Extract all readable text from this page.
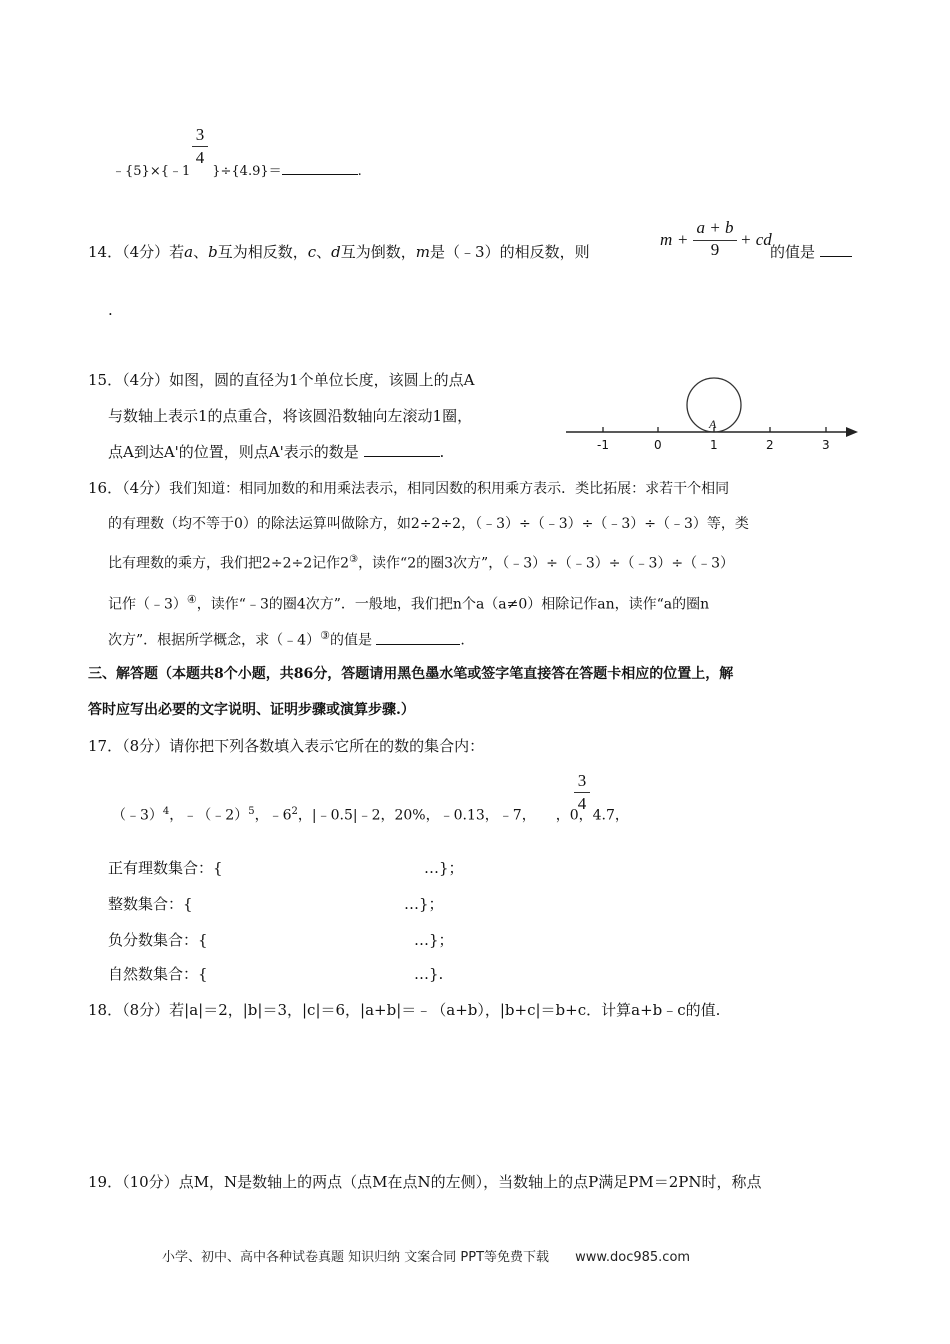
3
4
﹣{5}×{﹣1 }÷{4.9}＝	.
14．（4分）若a、b互为相反数，c、d互为倒数，m是（﹣3）的相反数，则
m +
a + b
9
+ cd
的值是
.
15．（4分）如图，圆的直径为1个单位长度，该圆上的点A
与数轴上表示1的点重合，将该圆沿数轴向左滚动1圈，
点A到达A'的位置，则点A'表示的数是	.
A
-1	0	1	2	3
16．（4分）我们知道：相同加数的和用乘法表示，相同因数的积用乘方表示．类比拓展：求若干个相同
的有理数（均不等于0）的除法运算叫做除方，如2÷2÷2，（﹣3）÷（﹣3）÷（﹣3）÷（﹣3）等，类
比有理数的乘方，我们把2÷2÷2记作2③，读作“2的圈3次方”，（﹣3）÷（﹣3）÷（﹣3）÷（﹣3）
记作（﹣3）④，读作“﹣3的圈4次方”．一般地，我们把n个a（a≠0）相除记作an，读作“a的圈n
次方”．根据所学概念，求（﹣4）③的值是	.
三、解答题（本题共8个小题，共86分，答题请用黑色墨水笔或签字笔直接答在答题卡相应的位置上，解
答时应写出必要的文字说明、证明步骤或演算步骤.）
17．（8分）请你把下列各数填入表示它所在的数的集合内：
（﹣3）$^4$，﹣（﹣2）$^5$，$﹣6^2$，|﹣0.5|﹣2，20%，﹣0.13，﹣7， ，0，4.7，
3
4
正有理数集合：{	…}；
整数集合：{	…}；
负分数集合：{	…}；
自然数集合：{	…}.
18．（8分）若|a|＝2，|b|＝3，|c|＝6，|a+b|＝﹣（a+b），|b+c|＝b+c．计算a+b﹣c的值.
19．（10分）点M，N是数轴上的两点（点M在点N的左侧），当数轴上的点P满足PM＝2PN时，称点
小学、初中、高中各种试卷真题 知识归纳 文案合同 PPT等免费下载 www.doc985.com
